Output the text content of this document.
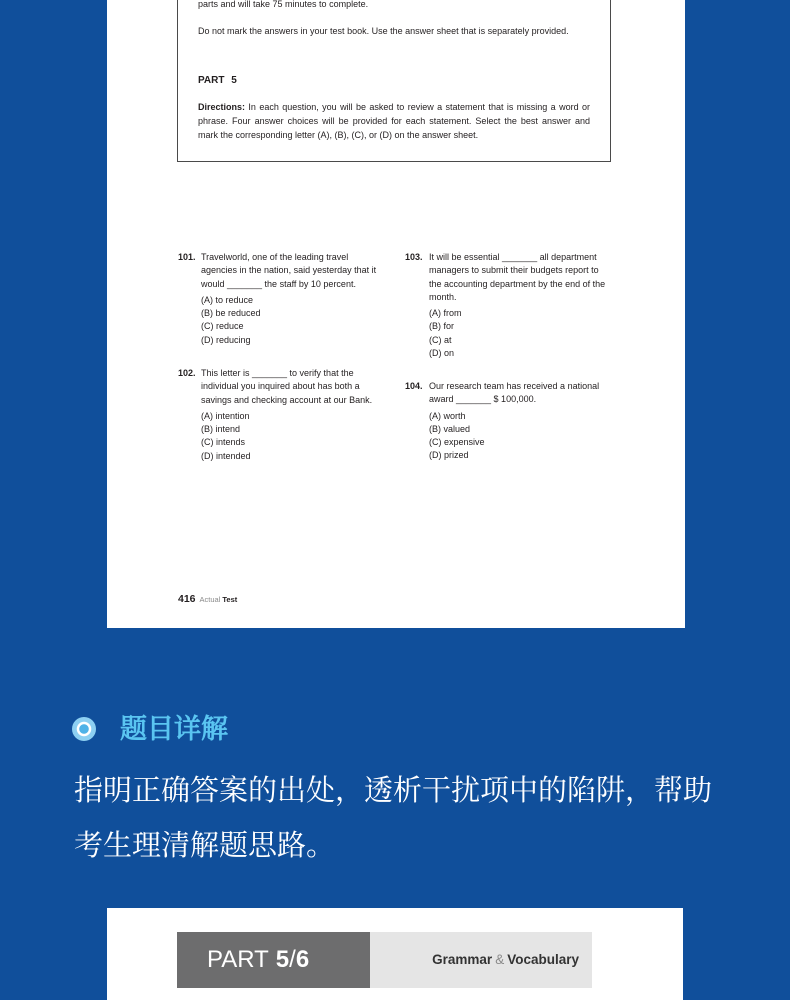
parts and will take 75 minutes to complete.
Do not mark the answers in your test book. Use the answer sheet that is separately provided.
PART 5
Directions: In each question, you will be asked to review a statement that is missing a word or
phrase. Four answer choices will be provided for each statement. Select the best answer and
mark the corresponding letter (A), (B), (C), or (D) on the answer sheet.
101. Travelworld, one of the leading travel
agencies in the nation, said yesterday that it
would _______ the staff by 10 percent.
(A) to reduce
(B) be reduced
(C) reduce
(D) reducing
102. This letter is _______ to verify that the
individual you inquired about has both a
savings and checking account at our Bank.
(A) intention
(B) intend
(C) intends
(D) intended
103. It will be essential _______ all department
managers to submit their budgets report to
the accounting department by the end of the
month.
(A) from
(B) for
(C) at
(D) on
104. Our research team has received a national
award _______ $ 100,000.
(A) worth
(B) valued
(C) expensive
(D) prized
416 Actual Test
题目详解
指明正确答案的出处，透析干扰项中的陷阱，帮助
考生理清解题思路。
PART 5/6	Grammar & Vocabulary
